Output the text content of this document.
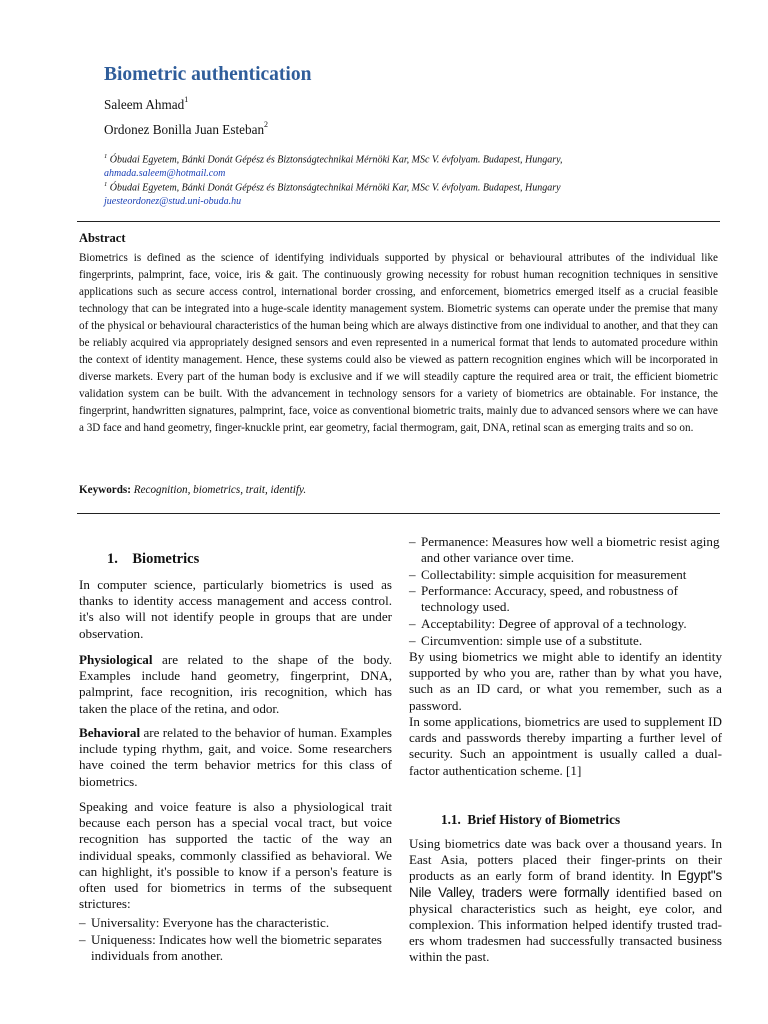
Biometric authentication
Saleem Ahmad$^1$
Ordonez Bonilla Juan Esteban$^2$
$^1$ Óbudai Egyetem, Bánki Donát Gépész és Biztonságtechnikai Mérnöki Kar, MSc V. évfolyam. Budapest, Hungary,
ahmada.saleem@hotmail.com
$^1$ Óbudai Egyetem, Bánki Donát Gépész és Biztonságtechnikai Mérnöki Kar, MSc V. évfolyam. Budapest, Hungary
juesteordonez@stud.uni-obuda.hu
Abstract

Biometrics is defined as the science of identifying individuals supported by physical or behavioural attributes of the individual like fingerprints, palmprint, face, voice, iris & gait. The continuously growing necessity for robust human recognition techniques in sensitive applications such as secure access control, international border crossing, and enforcement, biometrics emerged itself as a crucial feasible technology that can be integrated into a huge-scale identity management system. Biometric systems can operate under the premise that many of the physical or behavioural characteristics of the human being which are always distinctive from one individual to another, and that they can be reliably acquired via appropriately designed sensors and even represented in a numerical format that lends to automated procedure within the context of identity management. Hence, these systems could also be viewed as pattern recognition engines which will be incorporated in diverse markets. Every part of the human body is exclusive and if we will steadily capture the required area or trait, the efficient biometric validation system can be built. With the advancement in technology sensors for a variety of biometrics are obtainable. For instance, the fingerprint, handwritten signatures, palmprint, face, voice as conventional biometric traits, mainly due to advanced sensors where we can have a 3D face and hand geometry, finger-knuckle print, ear geometry, facial thermogram, gait, DNA, retinal scan as emerging traits and so on.

Keywords: Recognition, biometrics, trait, identify.
1.    Biometrics

In computer science, particularly biometrics is used as thanks to identity access management and access control. it's also will not identify people in groups that are under observation.

Physiological are related to the shape of the body. Examples include hand geometry, fingerprint, DNA, palmprint, face recognition, iris recognition, which has taken the place of the retina, and odor.

Behavioral are related to the behavior of human. Examples include typing rhythm, gait, and voice. Some researchers have coined the term behavior metrics for this class of biometrics.

Speaking and voice feature is also a physiological trait because each person has a special vocal tract, but voice recognition has supported the tactic of the way an individual speaks, commonly classified as behavioral. We can highlight, it's possible to know if a person's feature is often used for biometrics in terms of the subsequent strictures:

– Universality: Everyone has the characteristic.

– Uniqueness: Indicates how well the biometric separates individuals from another.

– Permanence: Measures how well a biometric resist aging and other variance over time.

– Collectability: simple acquisition for measurement

– Performance: Accuracy, speed, and robustness of technology used.

– Acceptability: Degree of approval of a technology.

– Circumvention: simple use of a substitute.

By using biometrics we might able to identify an identity supported by who you are, rather than by what you have, such as an ID card, or what you remember, such as a password.

In some applications, biometrics are used to supplement ID cards and passwords thereby imparting a further level of security. Such an appointment is usually called a dual-factor authentication scheme. [1]

1.1.  Brief History of Biometrics

Using biometrics date was back over a thousand years. In East Asia, potters placed their finger-prints on their products as an early form of brand identity. In Egypt"s Nile Valley, traders were formally identified based on physical characteristics such as height, eye color, and complexion. This information helped identify trusted trad-ers whom tradesmen had successfully transacted business within the past.
